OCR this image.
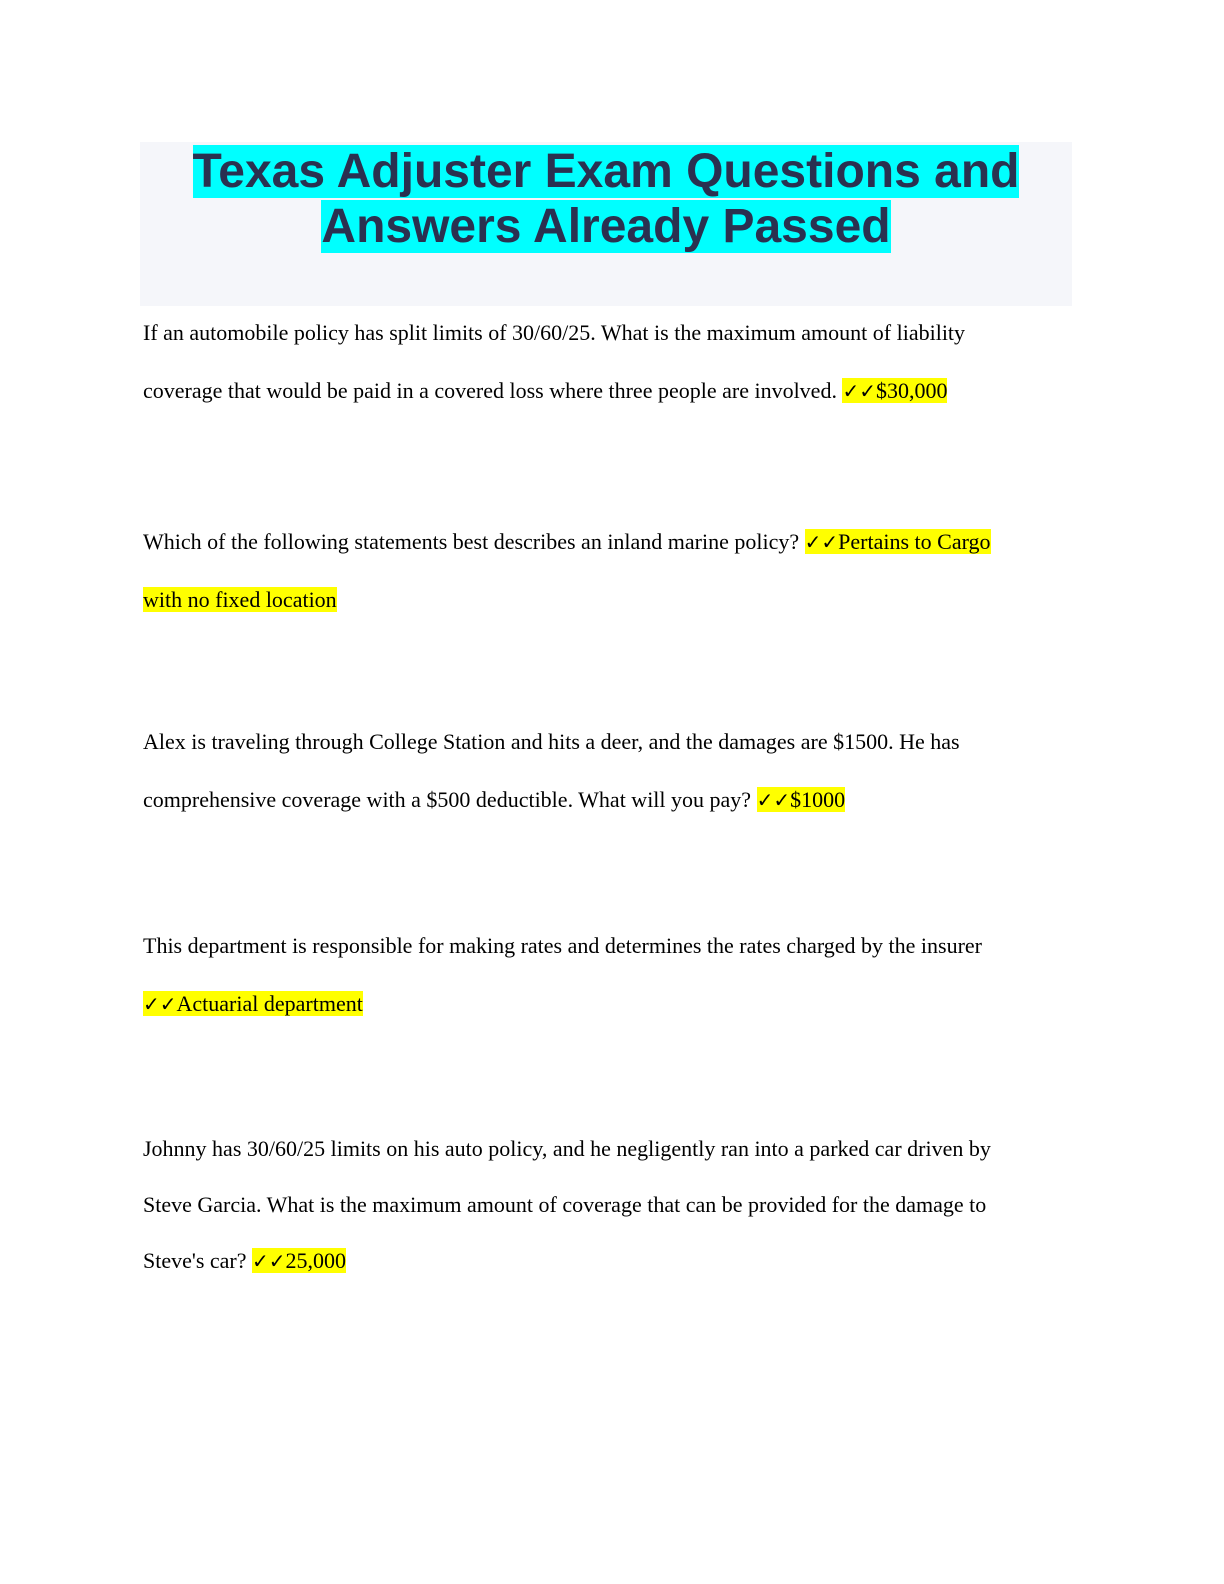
Texas Adjuster Exam Questions and Answers Already Passed

If an automobile policy has split limits of 30/60/25. What is the maximum amount of liability
coverage that would be paid in a covered loss where three people are involved. ✓✓$30,000

Which of the following statements best describes an inland marine policy? ✓✓Pertains to Cargo
with no fixed location

Alex is traveling through College Station and hits a deer, and the damages are $1500. He has
comprehensive coverage with a $500 deductible. What will you pay? ✓✓$1000

This department is responsible for making rates and determines the rates charged by the insurer
✓✓Actuarial department

Johnny has 30/60/25 limits on his auto policy, and he negligently ran into a parked car driven by
Steve Garcia. What is the maximum amount of coverage that can be provided for the damage to
Steve's car? ✓✓25,000
